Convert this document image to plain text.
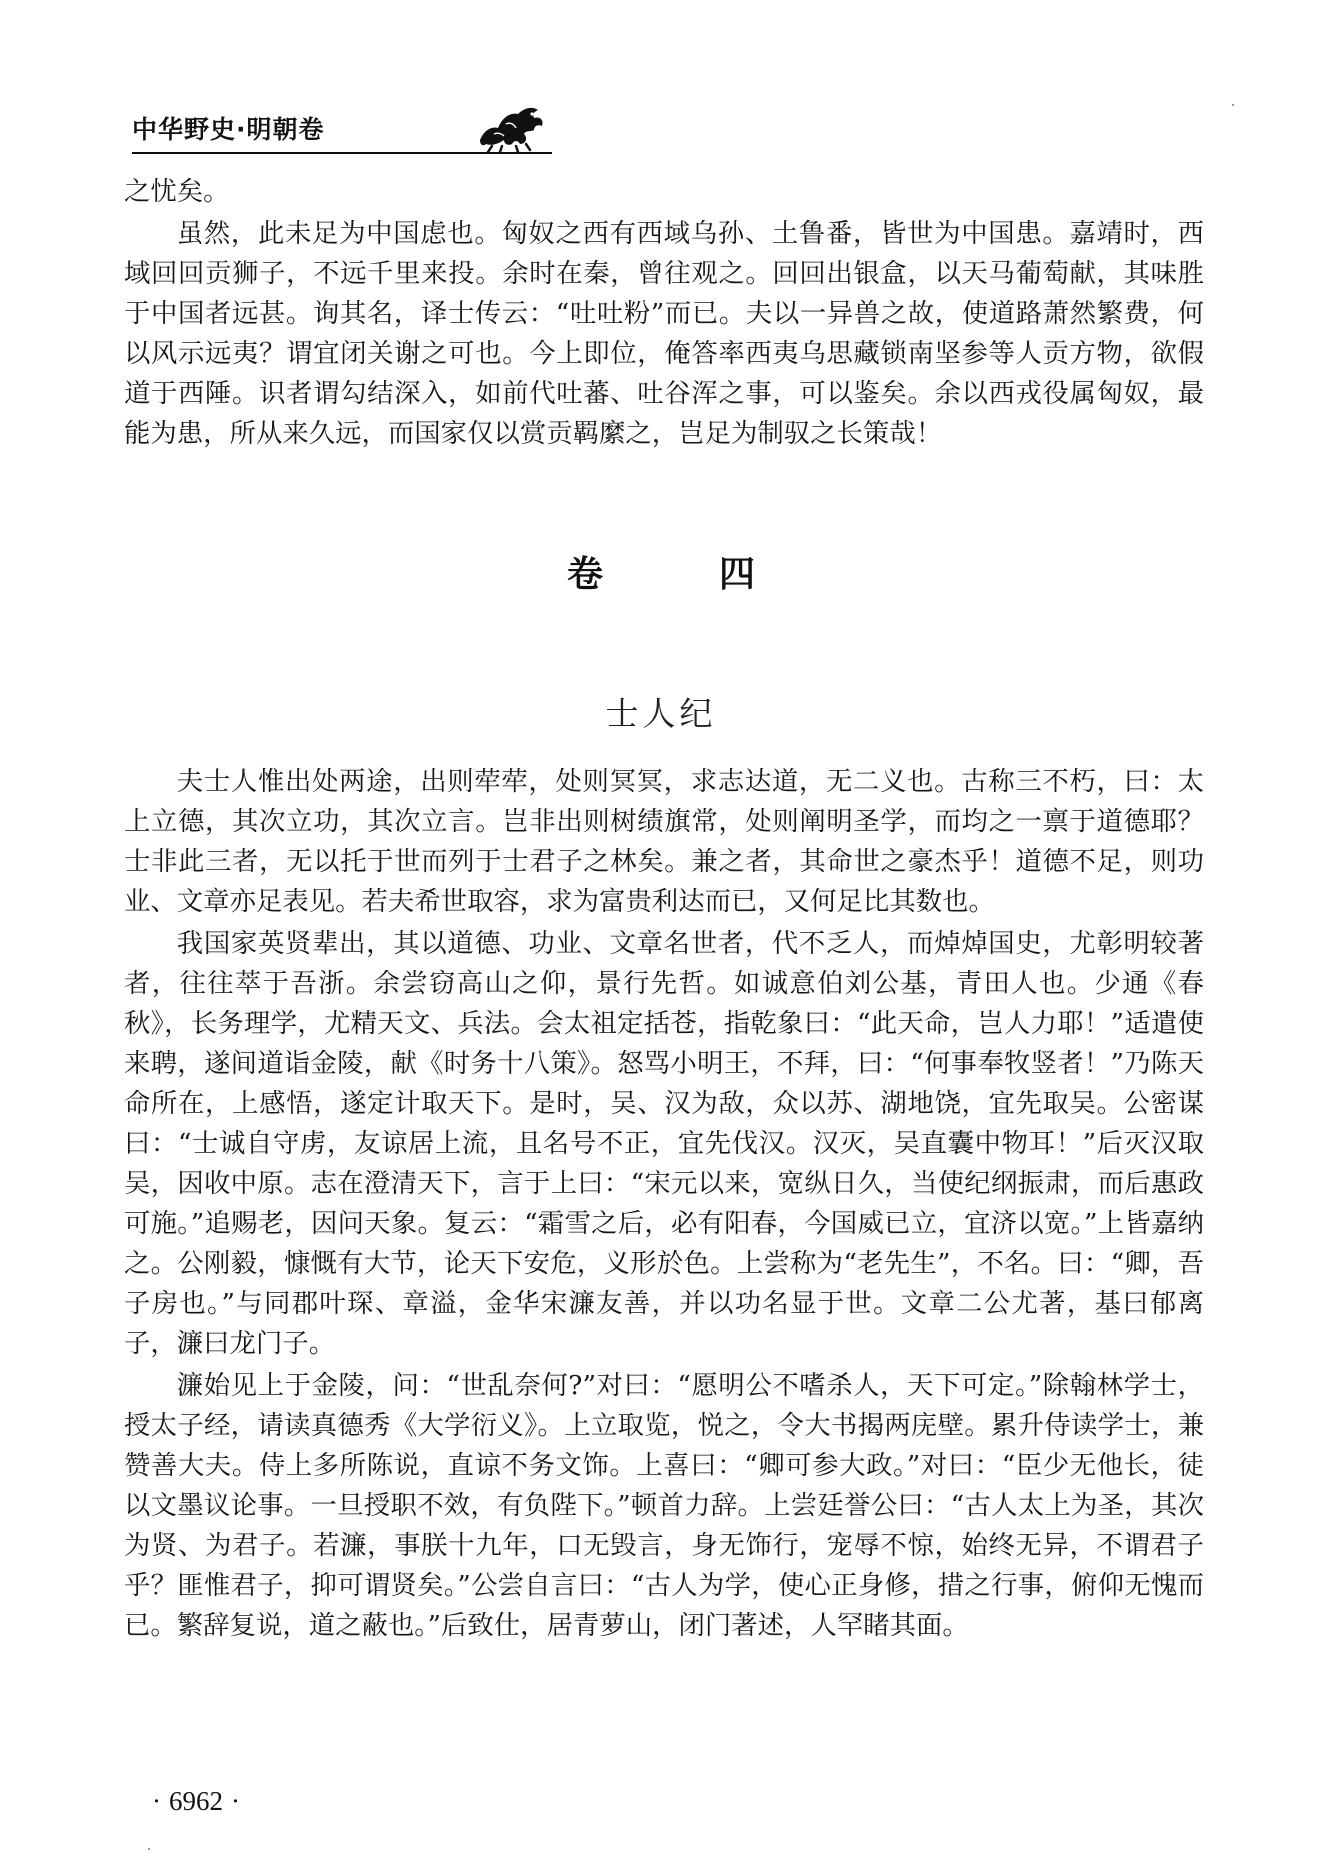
中华野史·明朝卷

之忧矣。

虽然，此未足为中国虑也。匈奴之西有西域乌孙、土鲁番，皆世为中国患。嘉靖时，西域回回贡狮子，不远千里来投。余时在秦，曾往观之。回回出银盒，以天马葡萄献，其味胜于中国者远甚。询其名，译士传云：“吐吐粉”而已。夫以一异兽之故，使道路萧然繁费，何以风示远夷？谓宜闭关谢之可也。今上即位，俺答率西夷乌思藏锁南坚参等人贡方物，欲假道于西陲。识者谓勾结深入，如前代吐蕃、吐谷浑之事，可以鉴矣。余以西戎役属匈奴，最能为患，所从来久远，而国家仅以赏贡羁縻之，岂足为制驭之长策哉！

卷　四
士人纪

夫士人惟出处两途，出则荦荦，处则冥冥，求志达道，无二义也。古称三不朽，曰：太上立德，其次立功，其次立言。岂非出则树绩旗常，处则阐明圣学，而均之一禀于道德耶？士非此三者，无以托于世而列于士君子之林矣。兼之者，其命世之豪杰乎！道德不足，则功业、文章亦足表见。若夫希世取容，求为富贵利达而已，又何足比其数也。

我国家英贤辈出，其以道德、功业、文章名世者，代不乏人，而焯焯国史，尤彰明较著者，往往萃于吾浙。余尝窃高山之仰，景行先哲。如诚意伯刘公基，青田人也。少通《春秋》，长务理学，尤精天文、兵法。会太祖定括苍，指乾象曰：“此天命，岂人力耶！”适遣使来聘，遂间道诣金陵，献《时务十八策》。怒骂小明王，不拜，曰：“何事奉牧竖者！”乃陈天命所在，上感悟，遂定计取天下。是时，吴、汉为敌，众以苏、湖地饶，宜先取吴。公密谋曰：“士诚自守虏，友谅居上流，且名号不正，宜先伐汉。汉灭，吴直囊中物耳！”后灭汉取吴，因收中原。志在澄清天下，言于上曰：“宋元以来，宽纵日久，当使纪纲振肃，而后惠政可施。”追赐老，因问天象。复云：“霜雪之后，必有阳春，今国威已立，宜济以宽。”上皆嘉纳之。公刚毅，慷慨有大节，论天下安危，义形於色。上尝称为“老先生”，不名。曰：“卿，吾子房也。”与同郡叶琛、章溢，金华宋濂友善，并以功名显于世。文章二公尤著，基曰郁离子，濂曰龙门子。

濂始见上于金陵，问：“世乱奈何?”对曰：“愿明公不嗜杀人，天下可定。”除翰林学士，授太子经，请读真德秀《大学衍义》。上立取览，悦之，令大书揭两庑壁。累升侍读学士，兼赞善大夫。侍上多所陈说，直谅不务文饰。上喜曰：“卿可参大政。”对曰：“臣少无他长，徒以文墨议论事。一旦授职不效，有负陛下。”顿首力辞。上尝廷誉公曰：“古人太上为圣，其次为贤、为君子。若濂，事朕十九年，口无毁言，身无饰行，宠辱不惊，始终无异，不谓君子乎？匪惟君子，抑可谓贤矣。”公尝自言曰：“古人为学，使心正身修，措之行事，俯仰无愧而已。繁辞复说，道之蔽也。”后致仕，居青萝山，闭门著述，人罕睹其面。

· 6962 ·
